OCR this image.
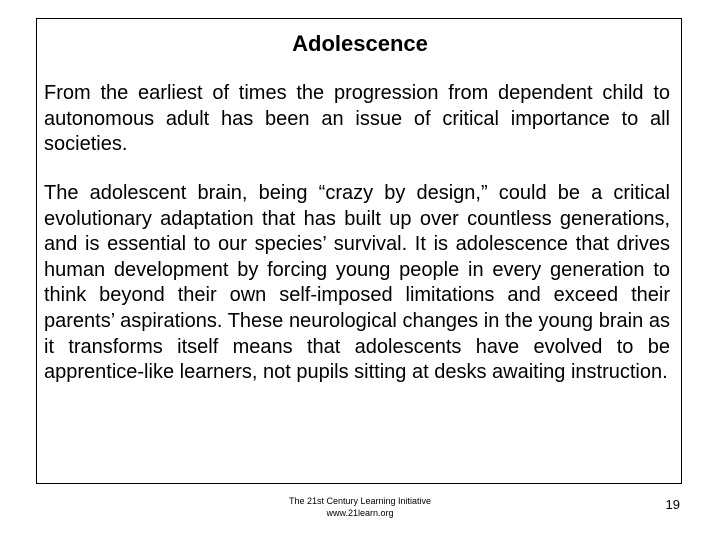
Adolescence

From the earliest of times the progression from dependent child to autonomous adult has been an issue of critical importance to all societies.

The adolescent brain, being “crazy by design,” could be a critical evolutionary adaptation that has built up over countless generations, and is essential to our species’ survival. It is adolescence that drives human development by forcing young people in every generation to think beyond their own self-imposed limitations and exceed their parents’ aspirations. These neurological changes in the young brain as it transforms itself means that adolescents have evolved to be apprentice-like learners, not pupils sitting at desks awaiting instruction.

The 21st Century Learning Initiative
www.21learn.org
19
